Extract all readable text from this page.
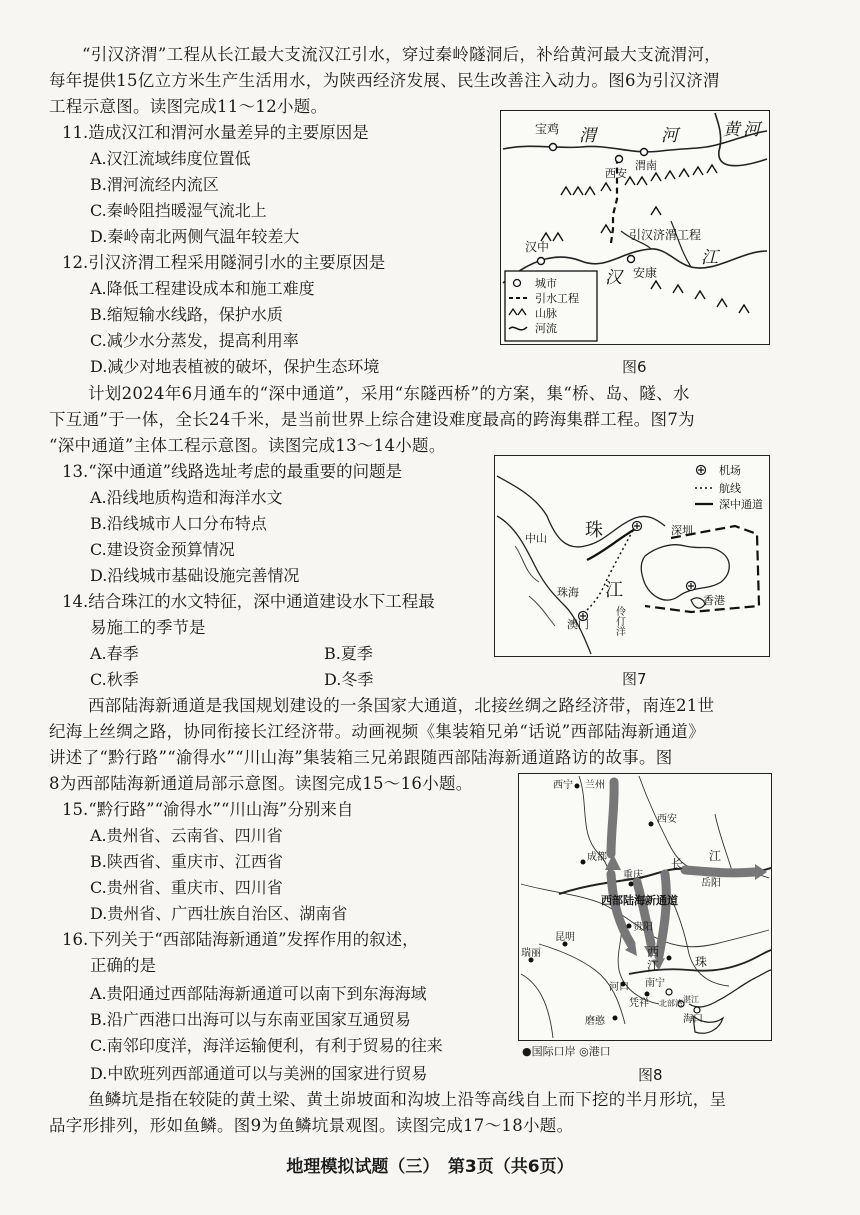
“引汉济渭”工程从长江最大支流汉江引水，穿过秦岭隧洞后，补给黄河最大支流渭河，
每年提供15亿立方米生产生活用水，为陕西经济发展、民生改善注入动力。图6为引汉济渭
工程示意图。读图完成11～12小题。
11.造成汉江和渭河水量差异的主要原因是
A.汉江流域纬度位置低
B.渭河流经内流区
C.秦岭阻挡暖湿气流北上
D.秦岭南北两侧气温年较差大
12.引汉济渭工程采用隧洞引水的主要原因是
A.降低工程建设成本和施工难度
B.缩短输水线路，保护水质
C.减少水分蒸发，提高利用率
D.减少对地表植被的破坏，保护生态环境
宝鸡 渭	河	黄 河
渭南
西安
引汉济渭工程
汉中
汉
江
安康
城市
引水工程
山脉
河流
图6
计划2024年6月通车的“深中通道”，采用“东隧西桥”的方案，集“桥、岛、隧、水
下互通”于一体，全长24千米，是当前世界上综合建设难度最高的跨海集群工程。图7为
“深中通道”主体工程示意图。读图完成13～14小题。
13.“深中通道”线路选址考虑的最重要的问题是
A.沿线地质构造和海洋水文
B.沿线城市人口分布特点
C.建设资金预算情况
D.沿线城市基础设施完善情况
14.结合珠江的水文特征，深中通道建设水下工程最
易施工的季节是
A.春季	B.夏季
C.秋季	D.冬季
机场
航线
深中通道
珠
中山
深圳
江
珠海
澳门 伶仃洋
香港
图7
西部陆海新通道是我国规划建设的一条国家大通道，北接丝绸之路经济带，南连21世
纪海上丝绸之路，协同衔接长江经济带。动画视频《集装箱兄弟“话说”西部陆海新通道》
讲述了“黔行路”“渝得水”“川山海”集装箱三兄弟跟随西部陆海新通道路访的故事。图
8为西部陆海新通道局部示意图。读图完成15～16小题。
15.“黔行路”“渝得水”“川山海”分别来自
A.贵州省、云南省、四川省
B.陕西省、重庆市、江西省
C.贵州省、重庆市、四川省
D.贵州省、广西壮族自治区、湖南省
16.下列关于“西部陆海新通道”发挥作用的叙述，
正确的是
A.贵阳通过西部陆海新通道可以南下到东海海域
B.沿广西港口出海可以与东南亚国家互通贸易
C.南邻印度洋，海洋运输便利，有利于贸易的往来
D.中欧班列西部通道可以与美洲的国家进行贸易
西宁 兰州
西安
成都	长
江
重庆
岳阳
西部陆海新通道
贵阳
昆明
瑞丽	西
江	珠
南宁
河口
凭祥 北部湾 湛江
海口
磨憨
●国际口岸 ◎港口
图8
鱼鳞坑是指在较陡的黄土梁、黄土峁坡面和沟坡上沿等高线自上而下挖的半月形坑，呈
品字形排列，形如鱼鳞。图9为鱼鳞坑景观图。读图完成17～18小题。
地理模拟试题（三）　第3页（共6页）
